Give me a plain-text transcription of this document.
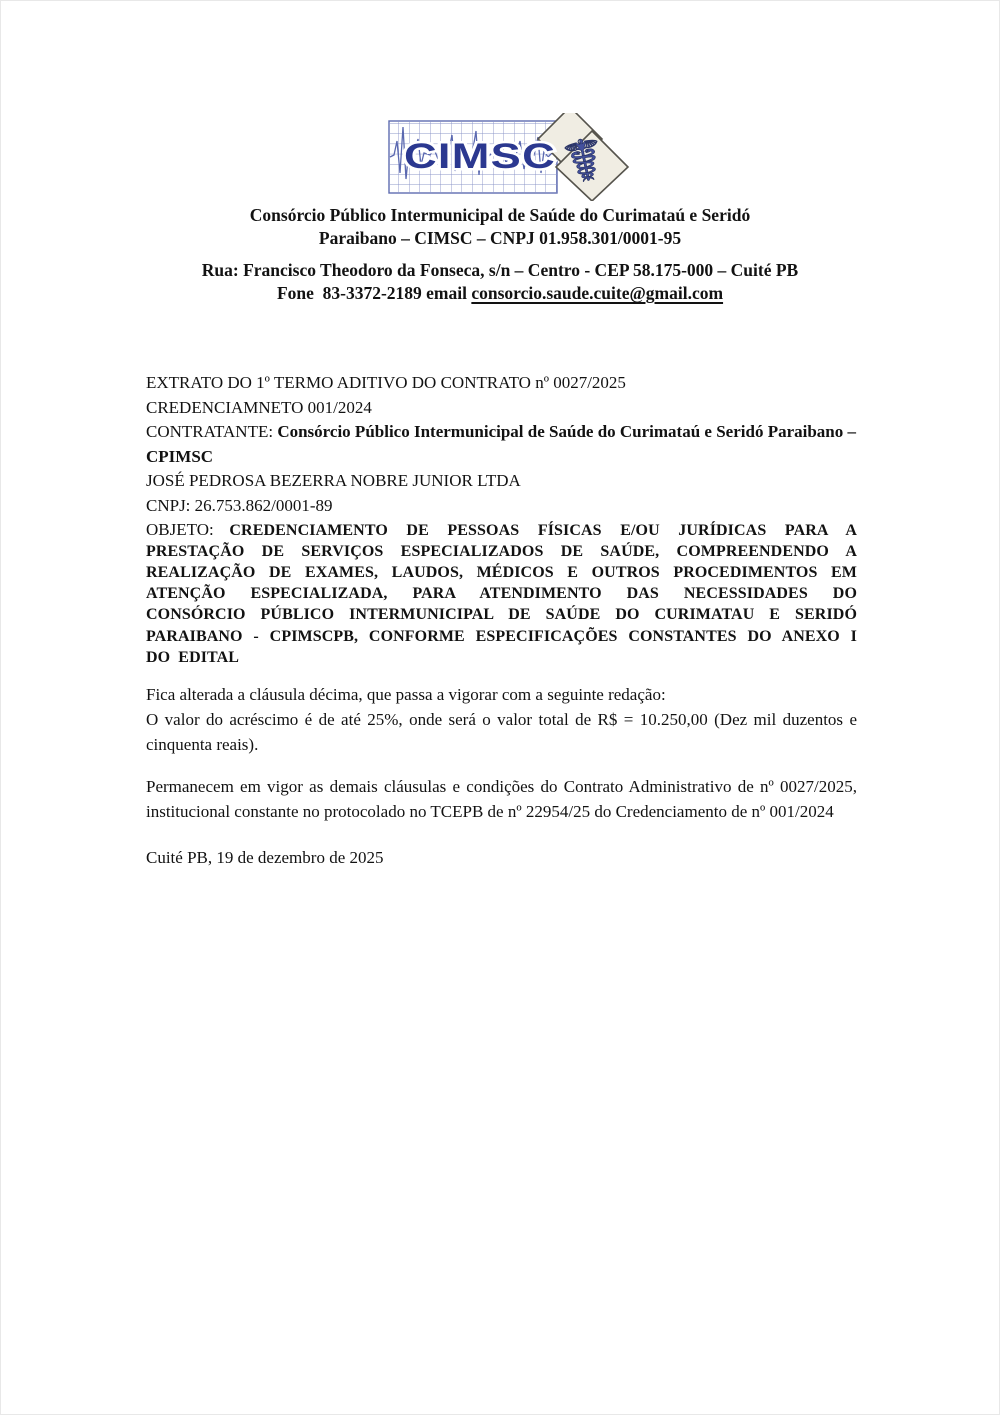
☤
CIMSC
Consórcio Público Intermunicipal de Saúde do Curimataú e Seridó
Paraibano – CIMSC – CNPJ 01.958.301/0001-95
Rua: Francisco Theodoro da Fonseca, s/n – Centro - CEP 58.175-000 – Cuité PB
Fone  83-3372-2189 email consorcio.saude.cuite@gmail.com

EXTRATO DO 1º TERMO ADITIVO DO CONTRATO nº 0027/2025

CREDENCIAMNETO 001/2024

CONTRATANTE: Consórcio Público Intermunicipal de Saúde do Curimataú e Seridó Paraibano – CPIMSC

JOSÉ PEDROSA BEZERRA NOBRE JUNIOR LTDA

CNPJ: 26.753.862/0001-89

OBJETO: CREDENCIAMENTO DE PESSOAS FÍSICAS E/OU JURÍDICAS PARA A PRESTAÇÃO DE SERVIÇOS ESPECIALIZADOS DE SAÚDE, COMPREENDENDO A REALIZAÇÃO DE EXAMES, LAUDOS, MÉDICOS E OUTROS PROCEDIMENTOS EM ATENÇÃO ESPECIALIZADA, PARA ATENDIMENTO DAS NECESSIDADES DO CONSÓRCIO PÚBLICO INTERMUNICIPAL DE SAÚDE DO CURIMATAU E SERIDÓ PARAIBANO - CPIMSCPB, CONFORME ESPECIFICAÇÕES CONSTANTES DO ANEXO I DO EDITAL

Fica alterada a cláusula décima, que passa a vigorar com a seguinte redação:

O valor do acréscimo é de até 25%, onde será o valor total de R$ = 10.250,00 (Dez mil duzentos e cinquenta reais).

Permanecem em vigor as demais cláusulas e condições do Contrato Administrativo de nº 0027/2025, institucional constante no protocolado no TCEPB de nº 22954/25 do Credenciamento de nº 001/2024

Cuité PB, 19 de dezembro de 2025
